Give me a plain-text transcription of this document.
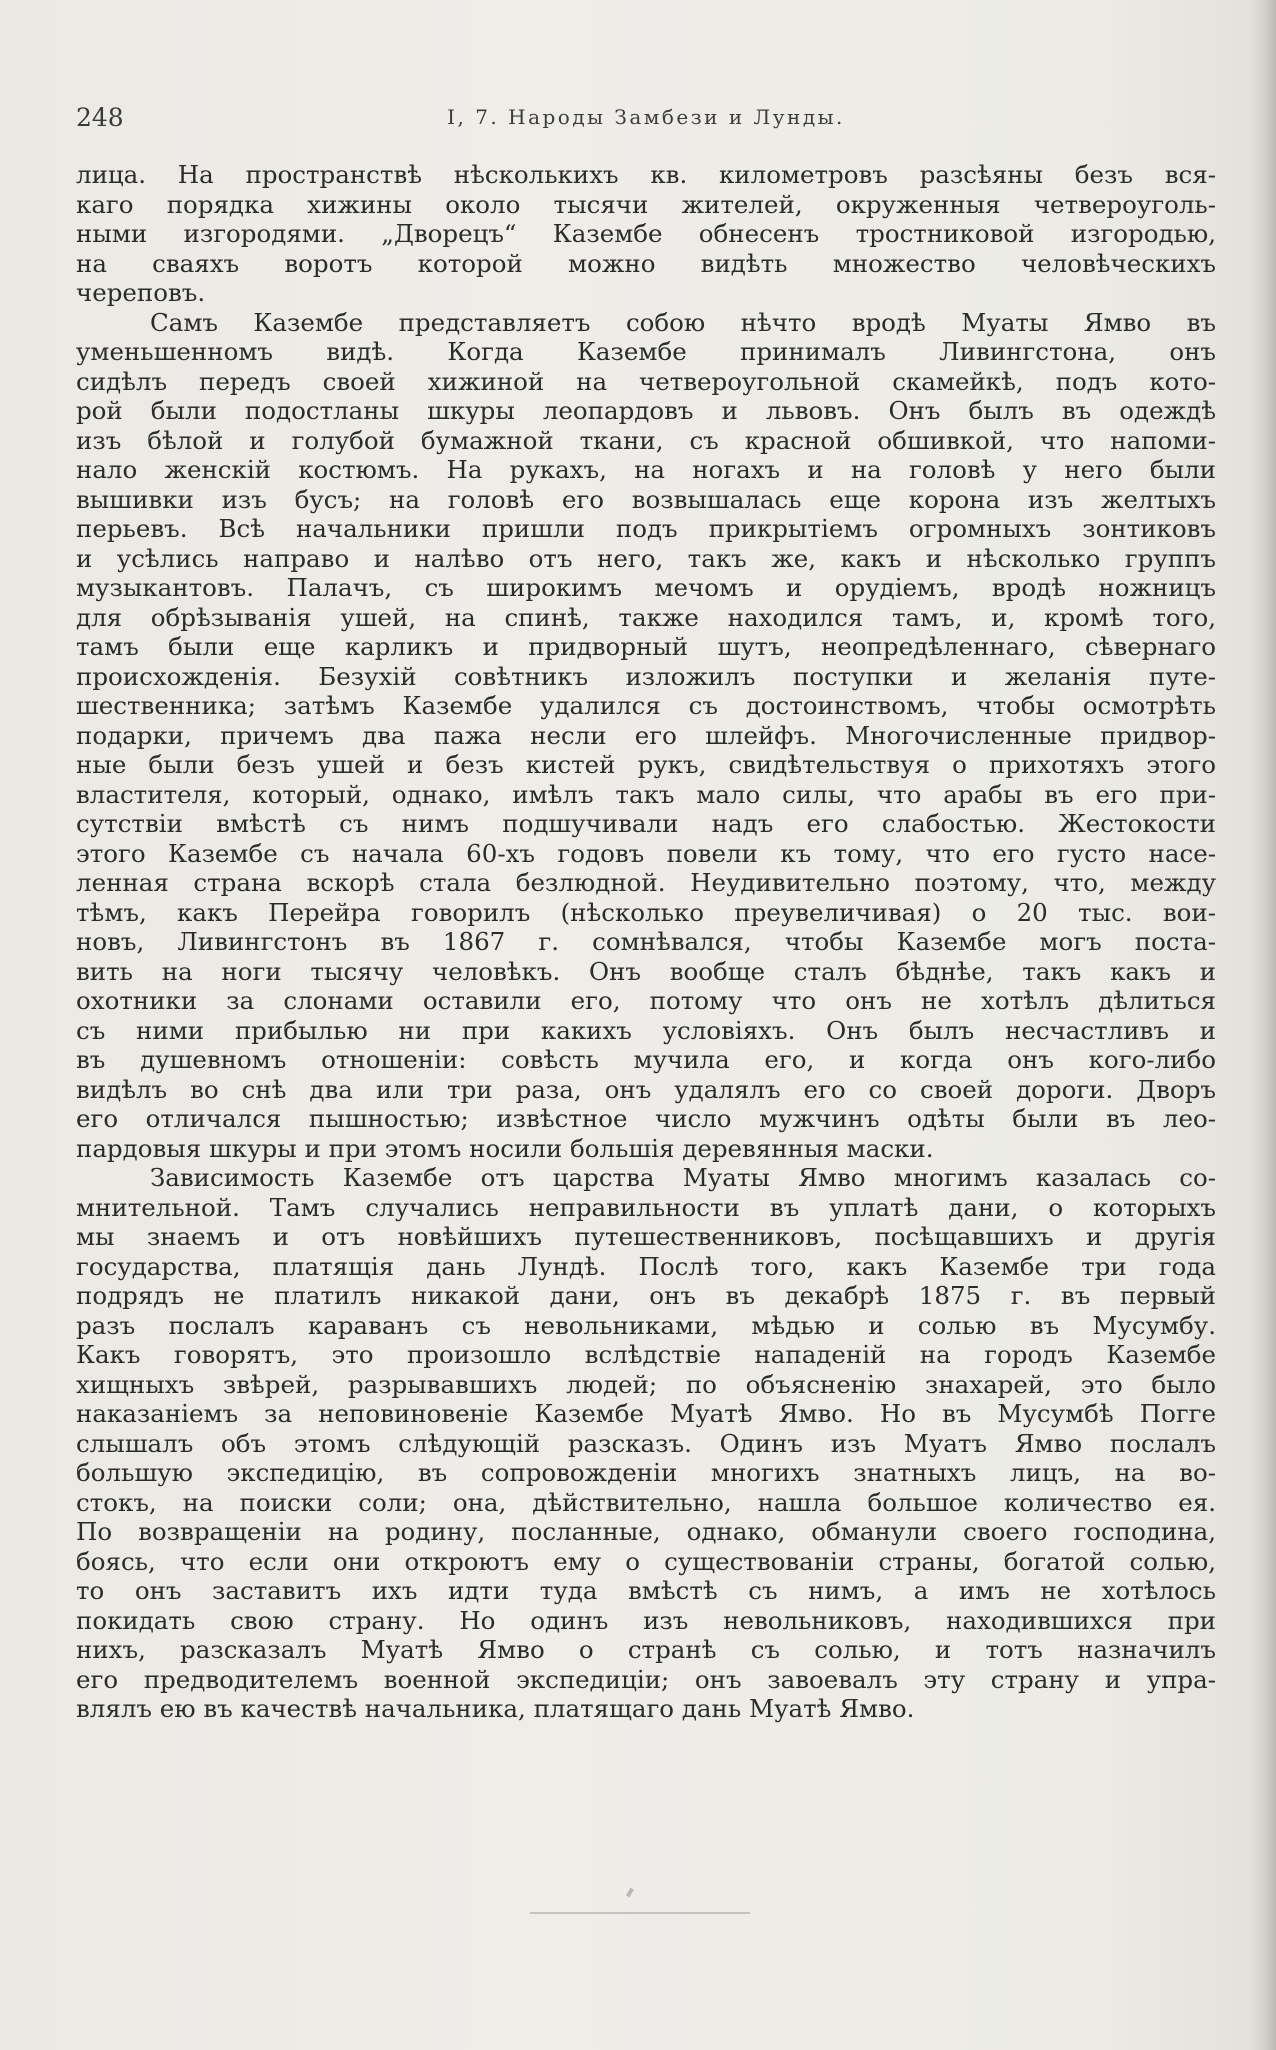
248	I, 7. Народы Замбези и Лунды.
лица. На пространствѣ нѣсколькихъ кв. километровъ разсѣяны безъ вся-
каго порядка хижины около тысячи жителей, окруженныя четвероуголь-
ными изгородями. „Дворецъ“ Казембе обнесенъ тростниковой изгородью,
на сваяхъ воротъ которой можно видѣть множество человѣческихъ
череповъ.
Самъ Казембе представляетъ собою нѣчто вродѣ Муаты Ямво въ
уменьшенномъ видѣ. Когда Казембе принималъ Ливингстона, онъ
сидѣлъ передъ своей хижиной на четвероугольной скамейкѣ, подъ кото-
рой были подостланы шкуры леопардовъ и львовъ. Онъ былъ въ одеждѣ
изъ бѣлой и голубой бумажной ткани, съ красной обшивкой, что напоми-
нало женскій костюмъ. На рукахъ, на ногахъ и на головѣ у него были
вышивки изъ бусъ; на головѣ его возвышалась еще корона изъ желтыхъ
перьевъ. Всѣ начальники пришли подъ прикрытіемъ огромныхъ зонтиковъ
и усѣлись направо и налѣво отъ него, такъ же, какъ и нѣсколько группъ
музыкантовъ. Палачъ, съ широкимъ мечомъ и орудіемъ, вродѣ ножницъ
для обрѣзыванія ушей, на спинѣ, также находился тамъ, и, кромѣ того,
тамъ были еще карликъ и придворный шутъ, неопредѣленнаго, сѣвернаго
происхожденія. Безухій совѣтникъ изложилъ поступки и желанія путе-
шественника; затѣмъ Казембе удалился съ достоинствомъ, чтобы осмотрѣть
подарки, причемъ два пажа несли его шлейфъ. Многочисленные придвор-
ные были безъ ушей и безъ кистей рукъ, свидѣтельствуя о прихотяхъ этого
властителя, который, однако, имѣлъ такъ мало силы, что арабы въ его при-
сутствіи вмѣстѣ съ нимъ подшучивали надъ его слабостью. Жестокости
этого Казембе съ начала 60-хъ годовъ повели къ тому, что его густо насе-
ленная страна вскорѣ стала безлюдной. Неудивительно поэтому, что, между
тѣмъ, какъ Перейра говорилъ (нѣсколько преувеличивая) о 20 тыс. вои-
новъ, Ливингстонъ въ 1867 г. сомнѣвался, чтобы Казембе могъ поста-
вить на ноги тысячу человѣкъ. Онъ вообще сталъ бѣднѣе, такъ какъ и
охотники за слонами оставили его, потому что онъ не хотѣлъ дѣлиться
съ ними прибылью ни при какихъ условіяхъ. Онъ былъ несчастливъ и
въ душевномъ отношеніи: совѣсть мучила его, и когда онъ кого-либо
видѣлъ во снѣ два или три раза, онъ удалялъ его со своей дороги. Дворъ
его отличался пышностью; извѣстное число мужчинъ одѣты были въ лео-
пардовыя шкуры и при этомъ носили большія деревянныя маски.
Зависимость Казембе отъ царства Муаты Ямво многимъ казалась со-
мнительной. Тамъ случались неправильности въ уплатѣ дани, о которыхъ
мы знаемъ и отъ новѣйшихъ путешественниковъ, посѣщавшихъ и другія
государства, платящія дань Лундѣ. Послѣ того, какъ Казембе три года
подрядъ не платилъ никакой дани, онъ въ декабрѣ 1875 г. въ первый
разъ послалъ караванъ съ невольниками, мѣдью и солью въ Мусумбу.
Какъ говорятъ, это произошло вслѣдствіе нападеній на городъ Казембе
хищныхъ звѣрей, разрывавшихъ людей; по объясненію знахарей, это было
наказаніемъ за неповиновеніе Казембе Муатѣ Ямво. Но въ Мусумбѣ Погге
слышалъ объ этомъ слѣдующій разсказъ. Одинъ изъ Муатъ Ямво послалъ
большую экспедицію, въ сопровожденіи многихъ знатныхъ лицъ, на во-
стокъ, на поиски соли; она, дѣйствительно, нашла большое количество ея.
По возвращеніи на родину, посланные, однако, обманули своего господина,
боясь, что если они откроютъ ему о существованіи страны, богатой солью,
то онъ заставитъ ихъ идти туда вмѣстѣ съ нимъ, а имъ не хотѣлось
покидать свою страну. Но одинъ изъ невольниковъ, находившихся при
нихъ, разсказалъ Муатѣ Ямво о странѣ съ солью, и тотъ назначилъ
его предводителемъ военной экспедиціи; онъ завоевалъ эту страну и упра-
влялъ ею въ качествѣ начальника, платящаго дань Муатѣ Ямво.
